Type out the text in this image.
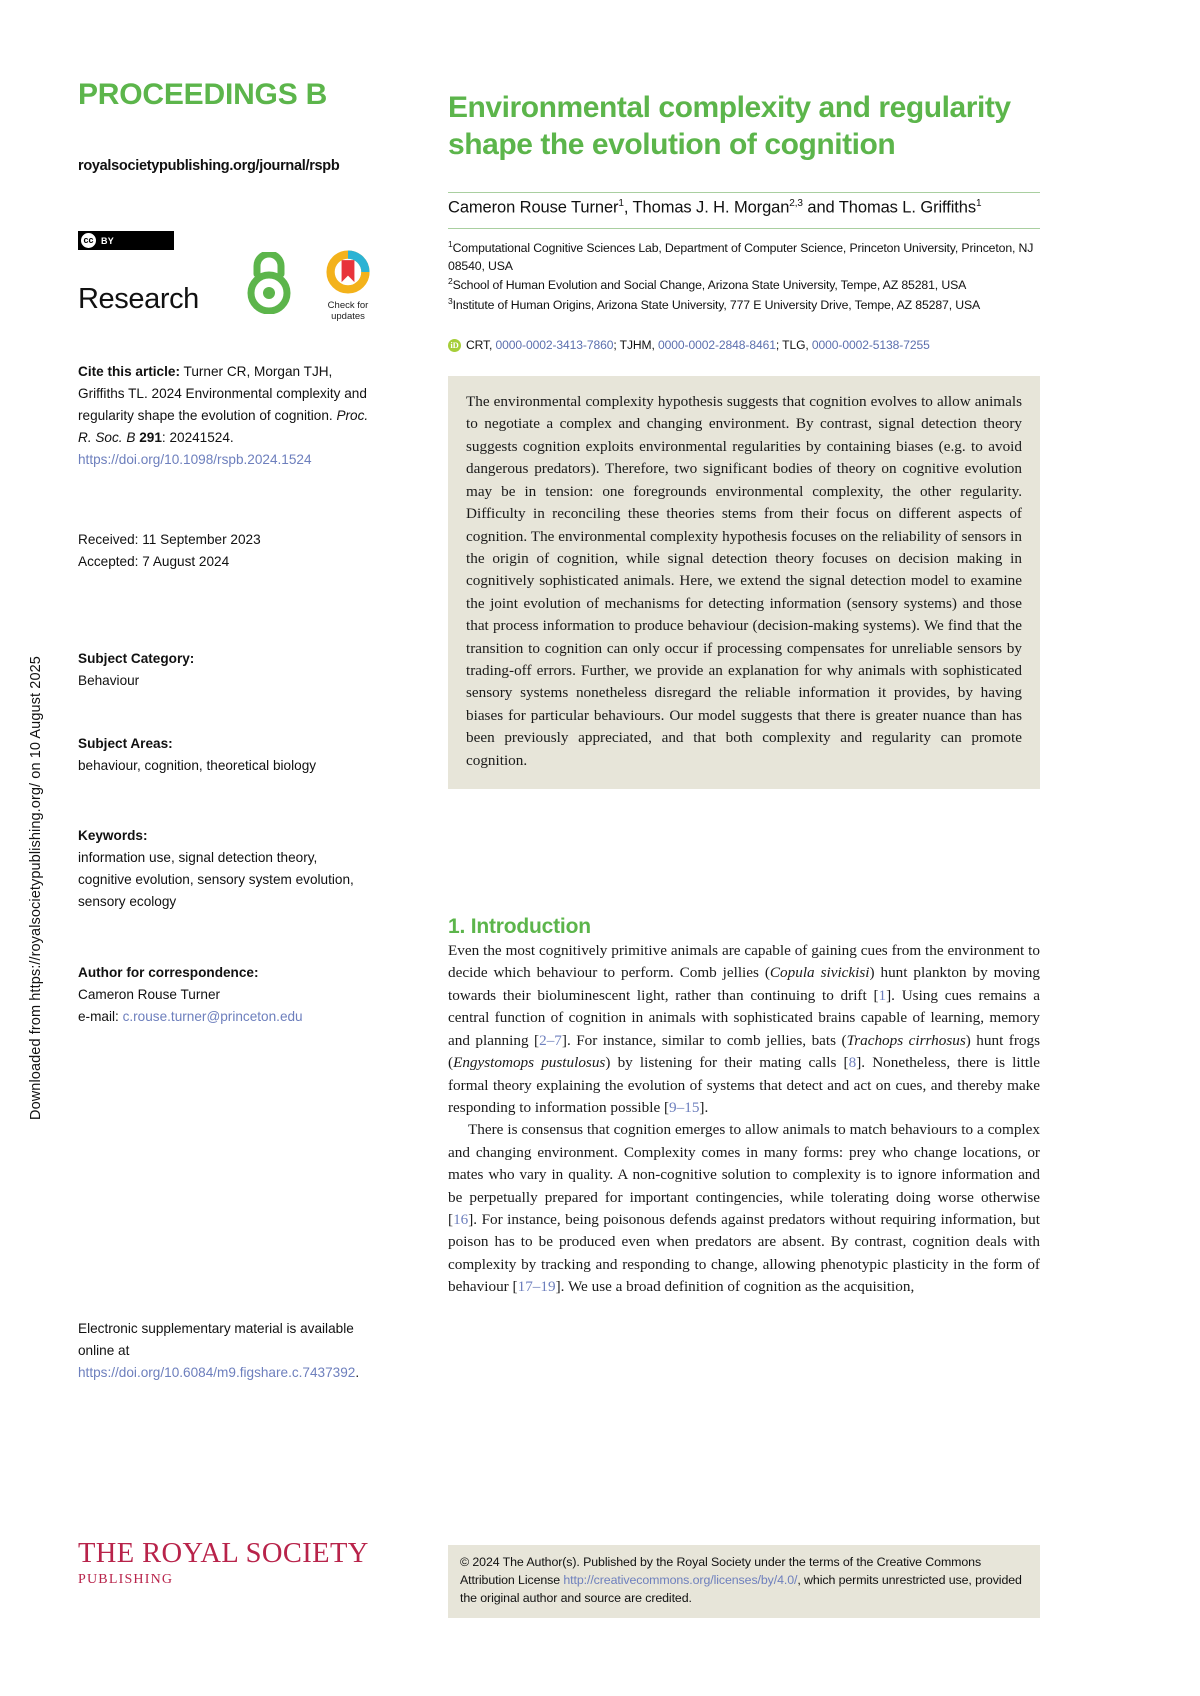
Downloaded from https://royalsocietypublishing.org/ on 10 August 2025
PROCEEDINGS B
royalsocietypublishing.org/journal/rspb
cc BY
Research	Check for
updates
Cite this article: Turner CR, Morgan TJH, Griffiths TL. 2024 Environmental complexity and regularity shape the evolution of cognition. Proc. R. Soc. B 291: 20241524.
https://doi.org/10.1098/rspb.2024.1524
Received: 11 September 2023
Accepted: 7 August 2024
Subject Category:
Behaviour
Subject Areas:
behaviour, cognition, theoretical biology
Keywords:
information use, signal detection theory, cognitive evolution, sensory system evolution, sensory ecology
Author for correspondence:
Cameron Rouse Turner
e-mail: c.rouse.turner@princeton.edu
Electronic supplementary material is available online at https://doi.org/10.6084/m9.figshare.c.7437392.
THE ROYAL SOCIETY
PUBLISHING
Environmental complexity and regularity shape the evolution of cognition
Cameron Rouse Turner$^1$, Thomas J. H. Morgan$^{2,3}$ and Thomas L. Griffiths$^1$
$^1$Computational Cognitive Sciences Lab, Department of Computer Science, Princeton University, Princeton, NJ 08540, USA
$^2$School of Human Evolution and Social Change, Arizona State University, Tempe, AZ 85281, USA
$^3$Institute of Human Origins, Arizona State University, 777 E University Drive, Tempe, AZ 85287, USA
iD CRT, 0000-0002-3413-7860; TJHM, 0000-0002-2848-8461; TLG, 0000-0002-5138-7255
The environmental complexity hypothesis suggests that cognition evolves to allow animals to negotiate a complex and changing environment. By contrast, signal detection theory suggests cognition exploits environmental regularities by containing biases (e.g. to avoid dangerous predators). Therefore, two significant bodies of theory on cognitive evolution may be in tension: one foregrounds environmental complexity, the other regularity. Difficulty in reconciling these theories stems from their focus on different aspects of cognition. The environmental complexity hypothesis focuses on the reliability of sensors in the origin of cognition, while signal detection theory focuses on decision making in cognitively sophisticated animals. Here, we extend the signal detection model to examine the joint evolution of mechanisms for detecting information (sensory systems) and those that process information to produce behaviour (decision-making systems). We find that the transition to cognition can only occur if processing compensates for unreliable sensors by trading-off errors. Further, we provide an explanation for why animals with sophisticated sensory systems nonetheless disregard the reliable information it provides, by having biases for particular behaviours. Our model suggests that there is greater nuance than has been previously appreciated, and that both complexity and regularity can promote cognition.
1. Introduction

Even the most cognitively primitive animals are capable of gaining cues from the environment to decide which behaviour to perform. Comb jellies (Copula sivickisi) hunt plankton by moving towards their bioluminescent light, rather than continuing to drift [1]. Using cues remains a central function of cognition in animals with sophisticated brains capable of learning, memory and planning [2–7]. For instance, similar to comb jellies, bats (Trachops cirrhosus) hunt frogs (Engystomops pustulosus) by listening for their mating calls [8]. Nonetheless, there is little formal theory explaining the evolution of systems that detect and act on cues, and thereby make responding to information possible [9–15].

There is consensus that cognition emerges to allow animals to match behaviours to a complex and changing environment. Complexity comes in many forms: prey who change locations, or mates who vary in quality. A non-cognitive solution to complexity is to ignore information and be perpetually prepared for important contingencies, while tolerating doing worse otherwise [16]. For instance, being poisonous defends against predators without requiring information, but poison has to be produced even when predators are absent. By contrast, cognition deals with complexity by tracking and responding to change, allowing phenotypic plasticity in the form of behaviour [17–19]. We use a broad definition of cognition as the acquisition,

© 2024 The Author(s). Published by the Royal Society under the terms of the Creative Commons Attribution License http://creativecommons.org/licenses/by/4.0/, which permits unrestricted use, provided the original author and source are credited.
